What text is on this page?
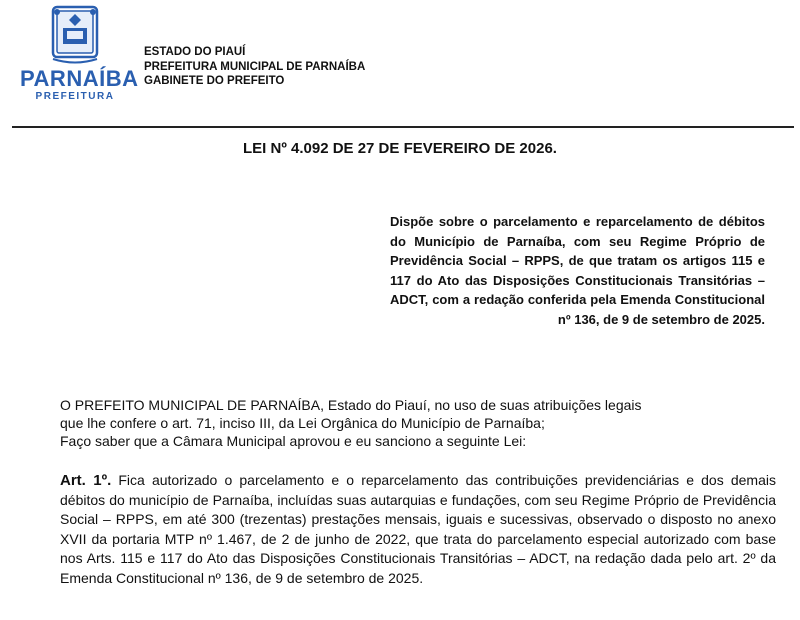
PARNAÍBA
PREFEITURA
ESTADO DO PIAUÍ
PREFEITURA MUNICIPAL DE PARNAÍBA
GABINETE DO PREFEITO
LEI Nº 4.092 DE 27 DE FEVEREIRO DE 2026.
Dispõe sobre o parcelamento e reparcelamento de débitos do Município de Parnaíba, com seu Regime Próprio de Previdência Social – RPPS, de que tratam os artigos 115 e 117 do Ato das Disposições Constitucionais Transitórias – ADCT, com a redação conferida pela Emenda Constitucional nº 136, de 9 de setembro de 2025.
O PREFEITO MUNICIPAL DE PARNAÍBA, Estado do Piauí, no uso de suas atribuições legais
que lhe confere o art. 71, inciso III, da Lei Orgânica do Município de Parnaíba;
Faço saber que a Câmara Municipal aprovou e eu sanciono a seguinte Lei:
Art. 1º. Fica autorizado o parcelamento e o reparcelamento das contribuições previdenciárias e dos demais débitos do município de Parnaíba, incluídas suas autarquias e fundações, com seu Regime Próprio de Previdência Social – RPPS, em até 300 (trezentas) prestações mensais, iguais e sucessivas, observado o disposto no anexo XVII da portaria MTP nº 1.467, de 2 de junho de 2022, que trata do parcelamento especial autorizado com base nos Arts. 115 e 117 do Ato das Disposições Constitucionais Transitórias – ADCT, na redação dada pelo art. 2º da Emenda Constitucional nº 136, de 9 de setembro de 2025.
